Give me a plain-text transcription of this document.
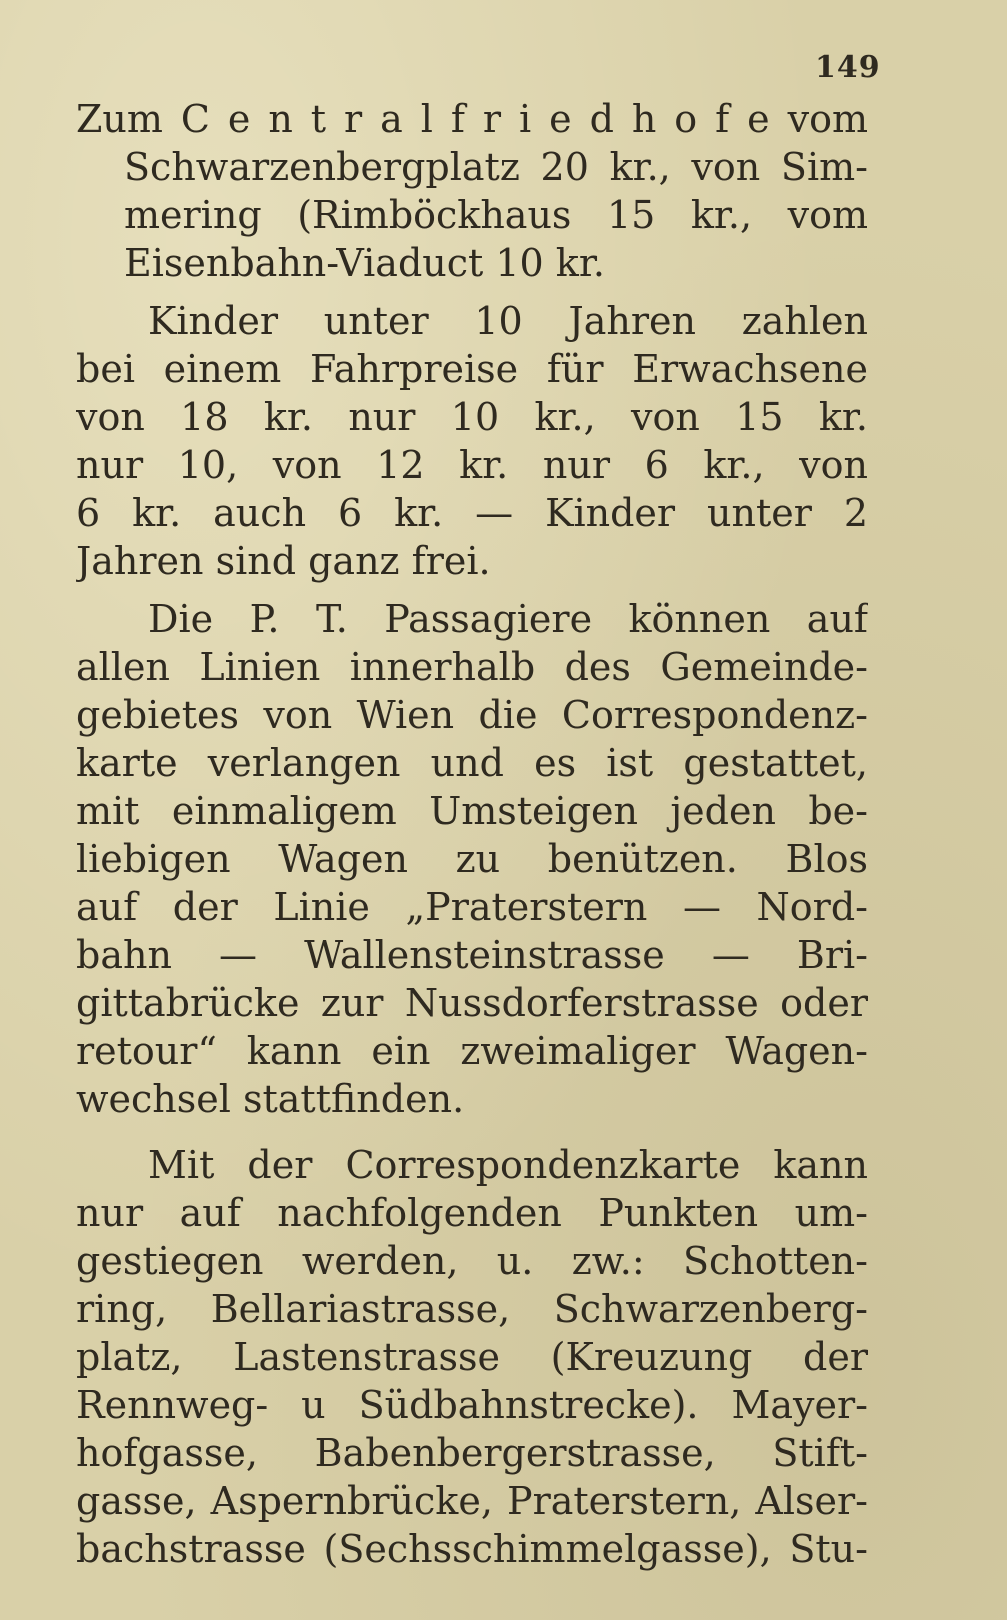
149
Zum C e n t r a l f r i e d h o f e vom
Schwarzenbergplatz 20 kr., von Sim-
mering (Rimböckhaus 15 kr., vom
Eisenbahn-Viaduct 10 kr.
Kinder unter 10 Jahren zahlen
bei einem Fahrpreise für Erwachsene
von 18 kr. nur 10 kr., von 15 kr.
nur 10, von 12 kr. nur 6 kr., von
6 kr. auch 6 kr. — Kinder unter 2
Jahren sind ganz frei.
Die P. T. Passagiere können auf
allen Linien innerhalb des Gemeinde-
gebietes von Wien die Correspondenz-
karte verlangen und es ist gestattet,
mit einmaligem Umsteigen jeden be-
liebigen Wagen zu benützen. Blos
auf der Linie „Praterstern — Nord-
bahn — Wallensteinstrasse — Bri-
gittabrücke zur Nussdorferstrasse oder
retour“ kann ein zweimaliger Wagen-
wechsel stattfinden.
Mit der Correspondenzkarte kann
nur auf nachfolgenden Punkten um-
gestiegen werden, u. zw.: Schotten-
ring, Bellariastrasse, Schwarzenberg-
platz, Lastenstrasse (Kreuzung der
Rennweg- u Südbahnstrecke). Mayer-
hofgasse, Babenbergerstrasse, Stift-
gasse, Aspernbrücke, Praterstern, Alser-
bachstrasse (Sechsschimmelgasse), Stu-
